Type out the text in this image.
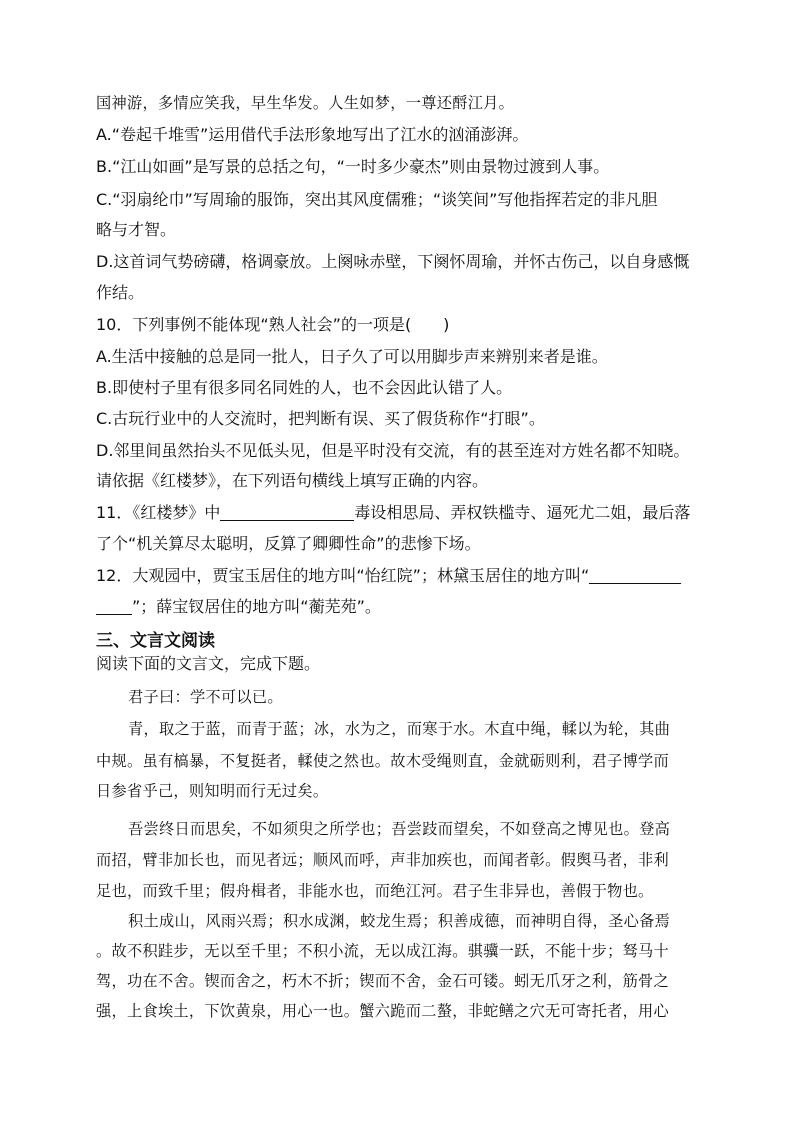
国神游，多情应笑我，早生华发。人生如梦，一尊还酹江月。
A.“卷起千堆雪”运用借代手法形象地写出了江水的汹涌澎湃。
B.“江山如画”是写景的总括之句，“一时多少豪杰”则由景物过渡到人事。
C.“羽扇纶巾”写周瑜的服饰，突出其风度儒雅；“谈笑间”写他指挥若定的非凡胆
略与才智。
D.这首词气势磅礴，格调豪放。上阕咏赤壁，下阕怀周瑜，并怀古伤己，以自身感慨
作结。
10．下列事例不能体现“熟人社会”的一项是(　　)
A.生活中接触的总是同一批人，日子久了可以用脚步声来辨别来者是谁。
B.即使村子里有很多同名同姓的人，也不会因此认错了人。
C.古玩行业中的人交流时，把判断有误、买了假货称作“打眼”。
D.邻里间虽然抬头不见低头见，但是平时没有交流，有的甚至连对方姓名都不知晓。
请依据《红楼梦》，在下列语句横线上填写正确的内容。
11．《红楼梦》中	毒设相思局、弄权铁槛寺、逼死尤二姐，最后落
了个“机关算尽太聪明，反算了卿卿性命”的悲惨下场。
12．大观园中，贾宝玉居住的地方叫“怡红院”；林黛玉居住的地方叫“
”；薛宝钗居住的地方叫“蘅芜苑”。
三、文言文阅读
阅读下面的文言文，完成下题。
君子曰：学不可以已。
青，取之于蓝，而青于蓝；冰，水为之，而寒于水。木直中绳，輮以为轮，其曲
中规。虽有槁暴，不复挺者，輮使之然也。故木受绳则直，金就砺则利，君子博学而
日参省乎己，则知明而行无过矣。
吾尝终日而思矣，不如须臾之所学也；吾尝跂而望矣，不如登高之博见也。登高
而招，臂非加长也，而见者远；顺风而呼，声非加疾也，而闻者彰。假舆马者，非利
足也，而致千里；假舟楫者，非能水也，而绝江河。君子生非异也，善假于物也。
积土成山，风雨兴焉；积水成渊，蛟龙生焉；积善成德，而神明自得，圣心备焉
。故不积跬步，无以至千里；不积小流，无以成江海。骐骥一跃，不能十步；驽马十
驾，功在不舍。锲而舍之，朽木不折；锲而不舍，金石可镂。蚓无爪牙之利，筋骨之
强，上食埃土，下饮黄泉，用心一也。蟹六跪而二螯，非蛇鳝之穴无可寄托者，用心
